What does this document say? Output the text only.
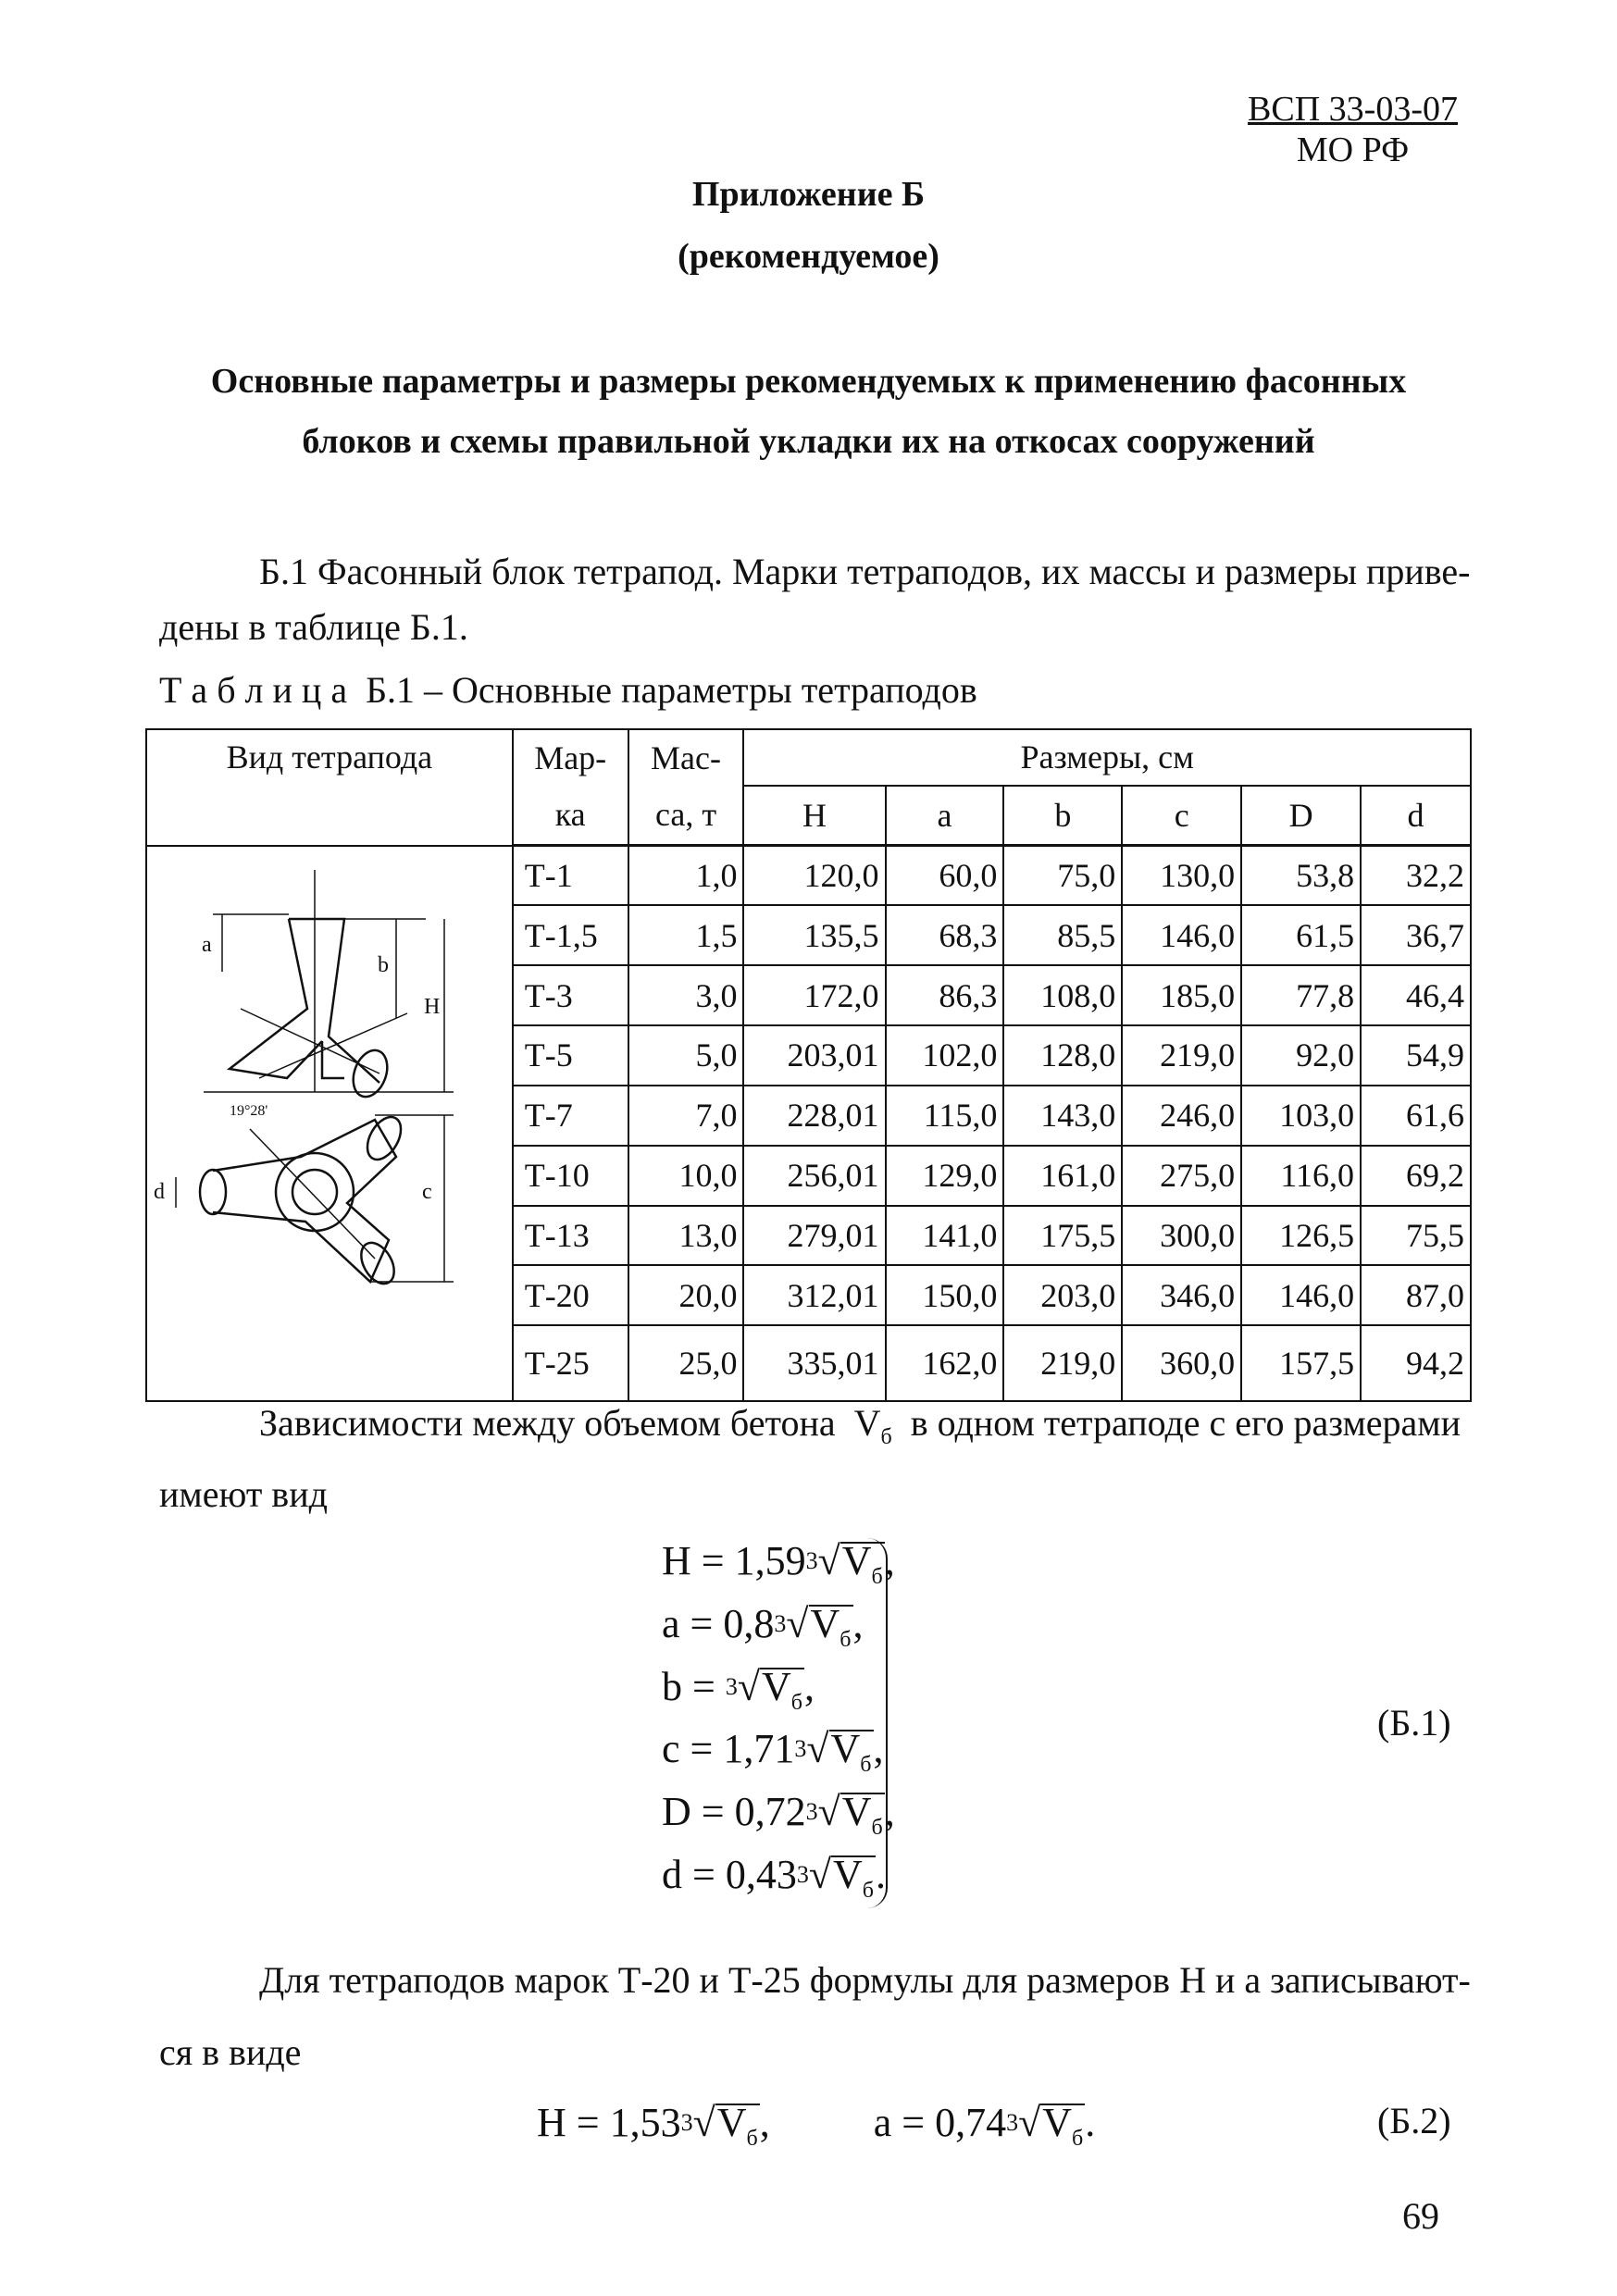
ВСП 33-03-07
МО РФ
Приложение Б
(рекомендуемое)
Основные параметры и размеры рекомендуемых к применению фасонных
блоков и схемы правильной укладки их на откосах сооружений
Б.1 Фасонный блок тетрапод. Марки тетраподов, их массы и размеры приве-
дены в таблице Б.1.
Т а б л и ц а  Б.1 – Основные параметры тетраподов
Вид тетрапода	Мар-	Мас-	Размеры, см					
	ка	са, т	H	a	b	c	D	d
	Т-1	1,0	120,0	60,0	75,0	130,0	53,8	32,2
	Т-1,5	1,5	135,5	68,3	85,5	146,0	61,5	36,7
	Т-3	3,0	172,0	86,3	108,0	185,0	77,8	46,4
	Т-5	5,0	203,01	102,0	128,0	219,0	92,0	54,9
	Т-7	7,0	228,01	115,0	143,0	246,0	103,0	61,6
	Т-10	10,0	256,01	129,0	161,0	275,0	116,0	69,2
	Т-13	13,0	279,01	141,0	175,5	300,0	126,5	75,5
	Т-20	20,0	312,01	150,0	203,0	346,0	146,0	87,0
	Т-25	25,0	335,01	162,0	219,0	360,0	157,5	94,2
a
b
H
19°28'
c
d
Зависимости между объемом бетона $V_б$ в одном тетраподе с его размерами
имеют вид
$H = 1,59^3√V_б$,
$a = 0,8^3√V_б$,
$b = ^3√V_б$,
$c = 1,71^3√V_б$,
$D = 0,72^3√V_б$,
$d = 0,43^3√V_б$.
(Б.1)
Для тетраподов марок Т-20 и Т-25 формулы для размеров H и a записывают-
ся в виде
$H = 1,53^3√V_б$,	$a = 0,74^3√V_б$.	(Б.2)
69
